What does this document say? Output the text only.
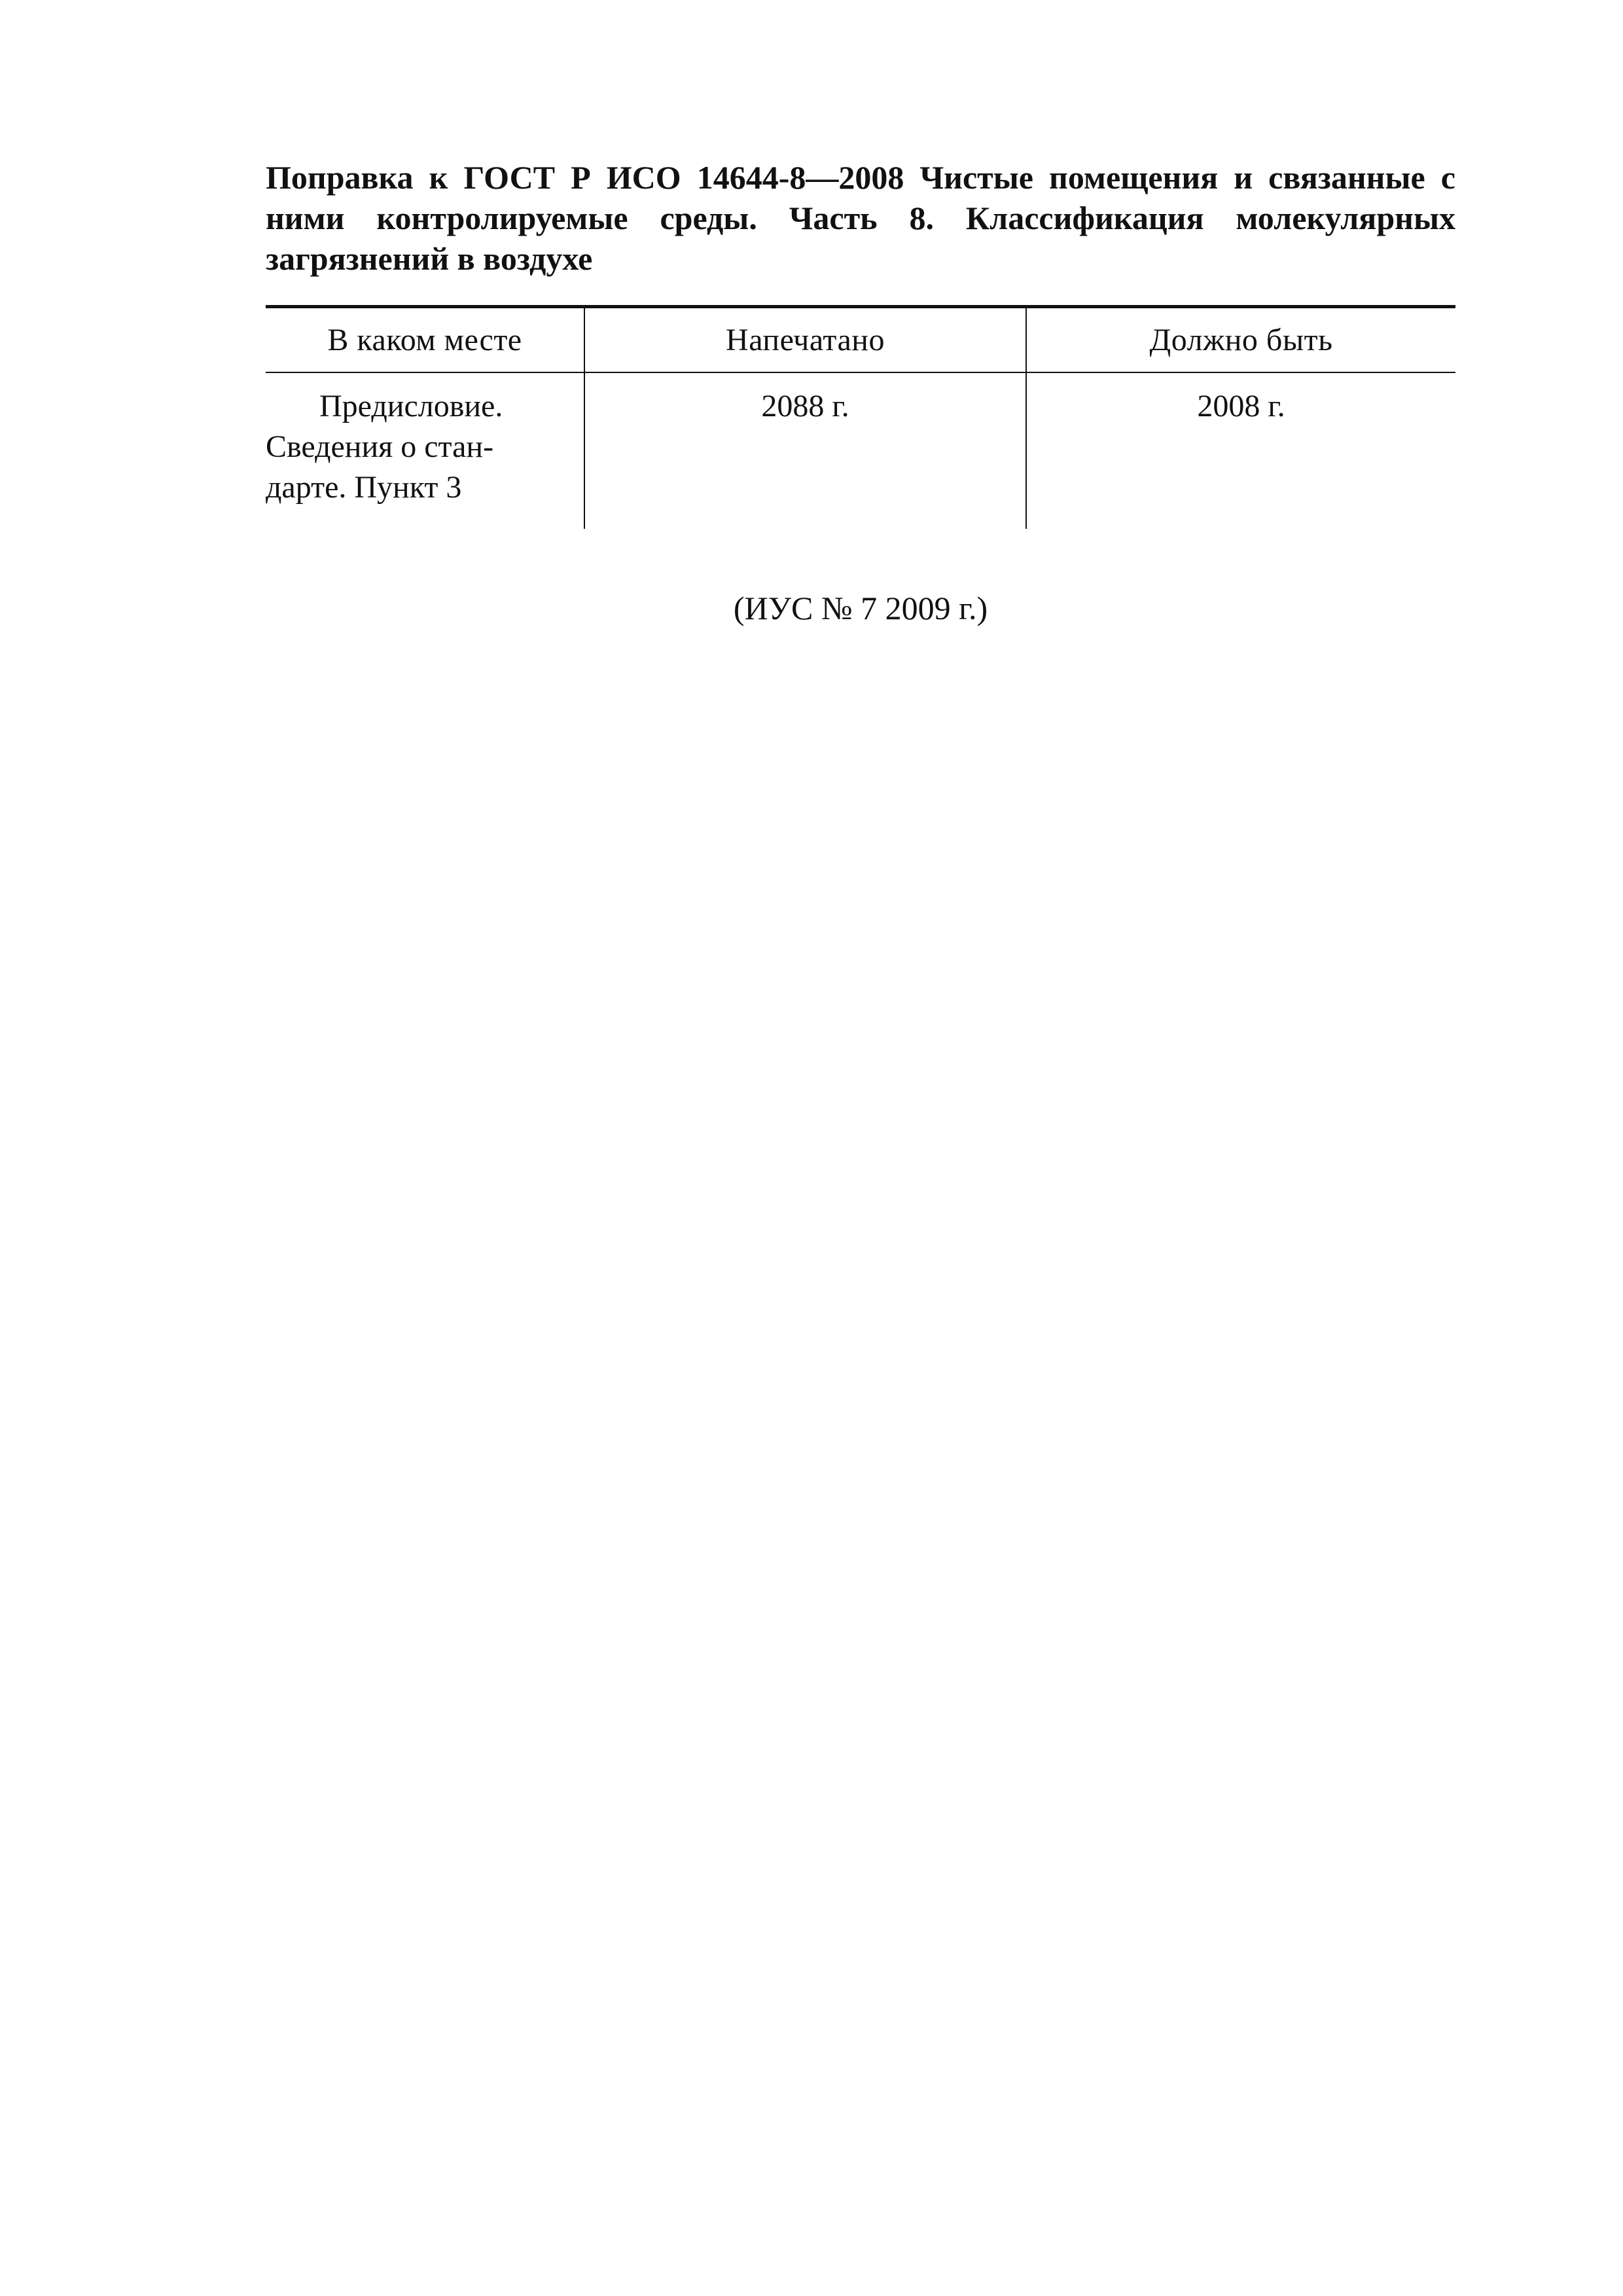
Поправка к ГОСТ Р ИСО 14644-8—2008 Чистые помещения и связанные с ними контролируемые среды. Часть 8. Классификация молекулярных загрязнений в воздухе

В каком месте	Напечатано	Должно быть
Предисловие.
Сведения о стан-
дарте. Пункт 3	2088 г.	2008 г.

(ИУС № 7 2009 г.)
